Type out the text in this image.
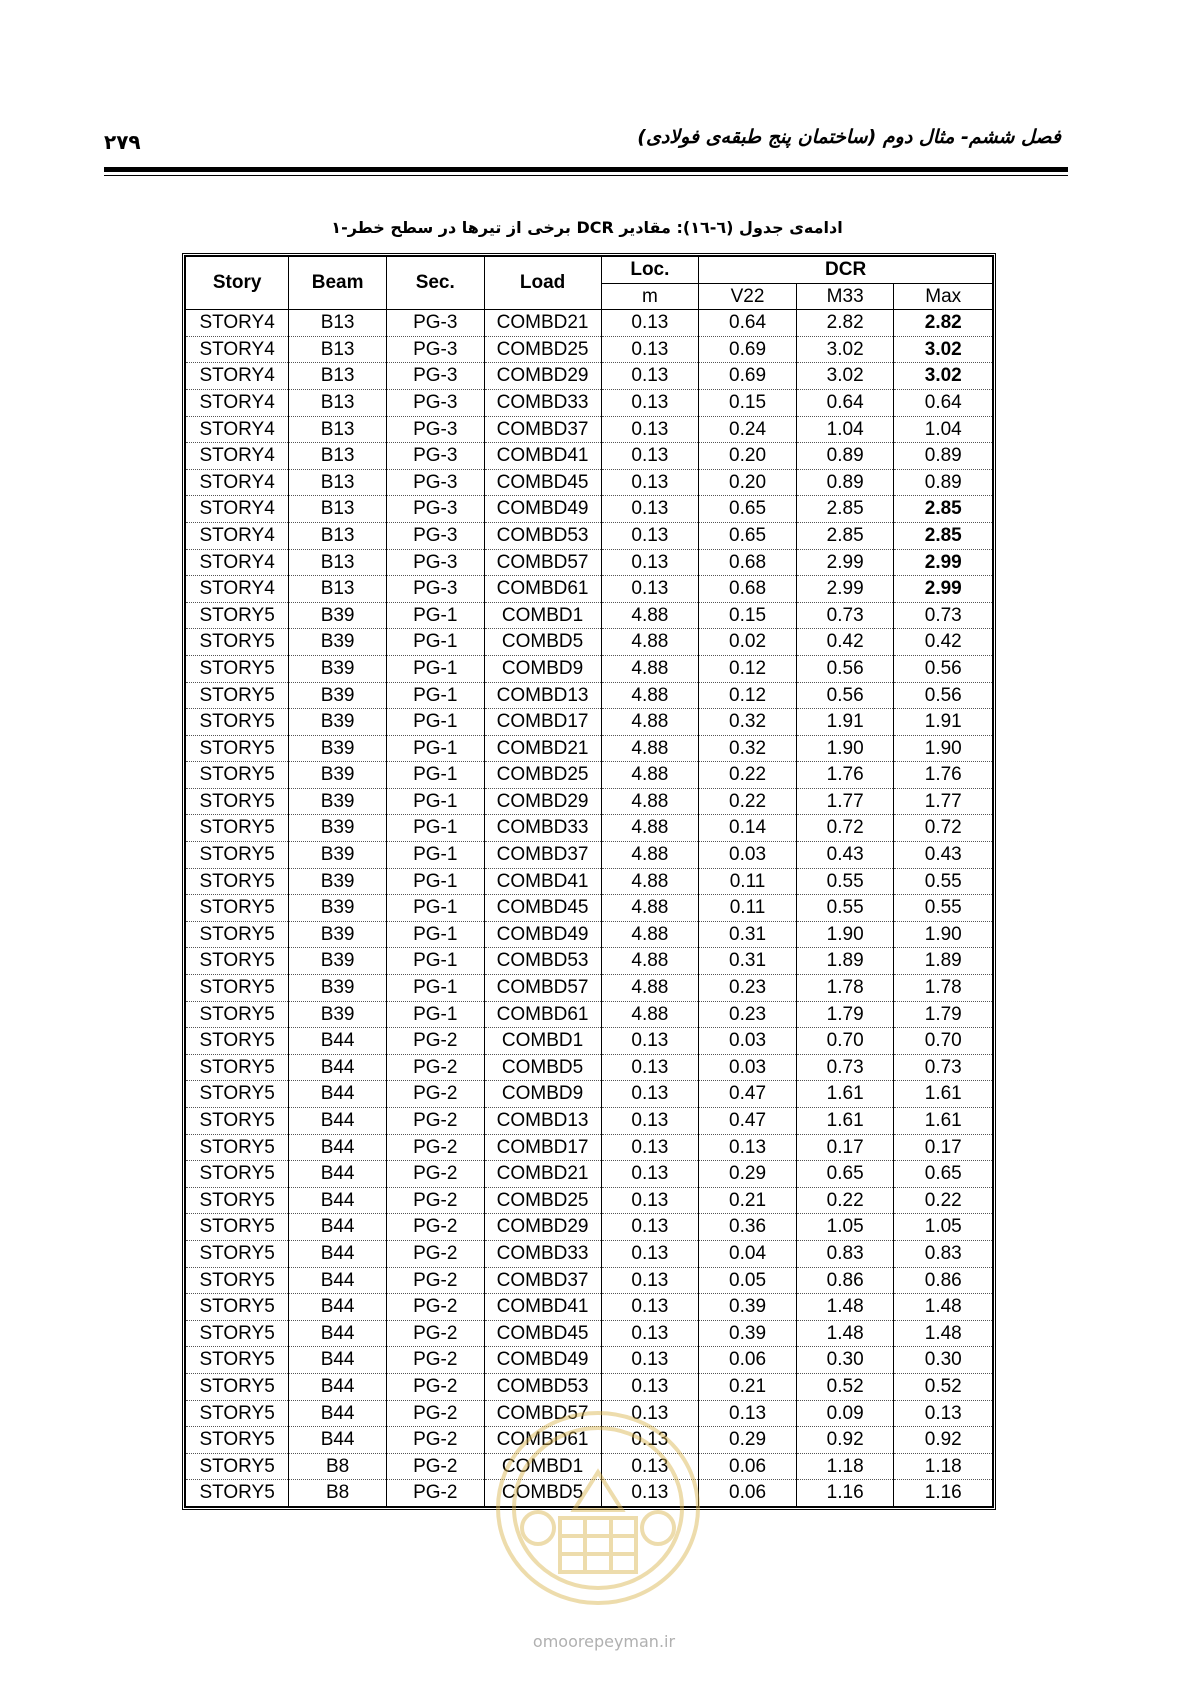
۲۷۹	فصل ششم- مثال دوم (ساختمان پنج طبقه‌ی فولادی)
ادامه‌ی جدول (٦-١٦): مقادیر DCR برخی از تیرها در سطح خطر-۱
Story	Beam	Sec.	Load	Loc.	DCR		
				m	V22	M33	Max
STORY4	B13	PG-3	COMBD21	0.13	0.64	2.82	2.82
STORY4	B13	PG-3	COMBD25	0.13	0.69	3.02	3.02
STORY4	B13	PG-3	COMBD29	0.13	0.69	3.02	3.02
STORY4	B13	PG-3	COMBD33	0.13	0.15	0.64	0.64
STORY4	B13	PG-3	COMBD37	0.13	0.24	1.04	1.04
STORY4	B13	PG-3	COMBD41	0.13	0.20	0.89	0.89
STORY4	B13	PG-3	COMBD45	0.13	0.20	0.89	0.89
STORY4	B13	PG-3	COMBD49	0.13	0.65	2.85	2.85
STORY4	B13	PG-3	COMBD53	0.13	0.65	2.85	2.85
STORY4	B13	PG-3	COMBD57	0.13	0.68	2.99	2.99
STORY4	B13	PG-3	COMBD61	0.13	0.68	2.99	2.99
STORY5	B39	PG-1	COMBD1	4.88	0.15	0.73	0.73
STORY5	B39	PG-1	COMBD5	4.88	0.02	0.42	0.42
STORY5	B39	PG-1	COMBD9	4.88	0.12	0.56	0.56
STORY5	B39	PG-1	COMBD13	4.88	0.12	0.56	0.56
STORY5	B39	PG-1	COMBD17	4.88	0.32	1.91	1.91
STORY5	B39	PG-1	COMBD21	4.88	0.32	1.90	1.90
STORY5	B39	PG-1	COMBD25	4.88	0.22	1.76	1.76
STORY5	B39	PG-1	COMBD29	4.88	0.22	1.77	1.77
STORY5	B39	PG-1	COMBD33	4.88	0.14	0.72	0.72
STORY5	B39	PG-1	COMBD37	4.88	0.03	0.43	0.43
STORY5	B39	PG-1	COMBD41	4.88	0.11	0.55	0.55
STORY5	B39	PG-1	COMBD45	4.88	0.11	0.55	0.55
STORY5	B39	PG-1	COMBD49	4.88	0.31	1.90	1.90
STORY5	B39	PG-1	COMBD53	4.88	0.31	1.89	1.89
STORY5	B39	PG-1	COMBD57	4.88	0.23	1.78	1.78
STORY5	B39	PG-1	COMBD61	4.88	0.23	1.79	1.79
STORY5	B44	PG-2	COMBD1	0.13	0.03	0.70	0.70
STORY5	B44	PG-2	COMBD5	0.13	0.03	0.73	0.73
STORY5	B44	PG-2	COMBD9	0.13	0.47	1.61	1.61
STORY5	B44	PG-2	COMBD13	0.13	0.47	1.61	1.61
STORY5	B44	PG-2	COMBD17	0.13	0.13	0.17	0.17
STORY5	B44	PG-2	COMBD21	0.13	0.29	0.65	0.65
STORY5	B44	PG-2	COMBD25	0.13	0.21	0.22	0.22
STORY5	B44	PG-2	COMBD29	0.13	0.36	1.05	1.05
STORY5	B44	PG-2	COMBD33	0.13	0.04	0.83	0.83
STORY5	B44	PG-2	COMBD37	0.13	0.05	0.86	0.86
STORY5	B44	PG-2	COMBD41	0.13	0.39	1.48	1.48
STORY5	B44	PG-2	COMBD45	0.13	0.39	1.48	1.48
STORY5	B44	PG-2	COMBD49	0.13	0.06	0.30	0.30
STORY5	B44	PG-2	COMBD53	0.13	0.21	0.52	0.52
STORY5	B44	PG-2	COMBD57	0.13	0.13	0.09	0.13
STORY5	B44	PG-2	COMBD61	0.13	0.29	0.92	0.92
STORY5	B8	PG-2	COMBD1	0.13	0.06	1.18	1.18
STORY5	B8	PG-2	COMBD5	0.13	0.06	1.16	1.16
omoorepeyman.ir
